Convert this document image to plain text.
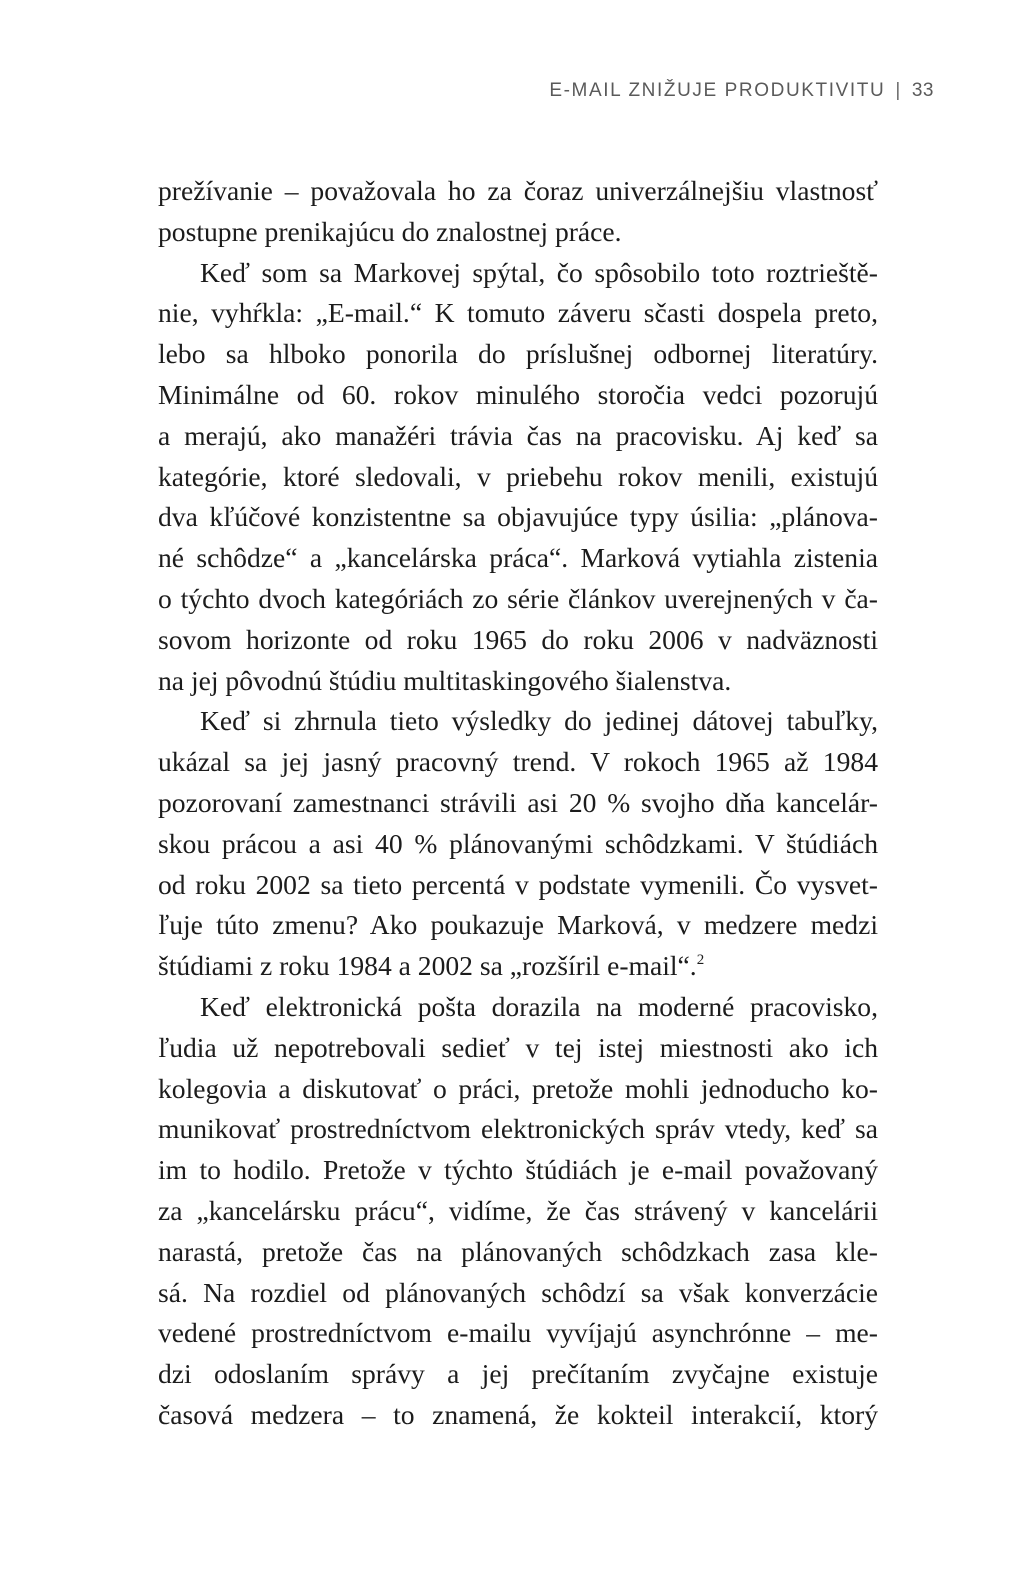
E-MAIL ZNIŽUJE PRODUKTIVITU | 33
prežívanie – považovala ho za čoraz univerzálnejšiu vlastnosť
postupne prenikajúcu do znalostnej práce.
Keď som sa Markovej spýtal, čo spôsobilo toto roztrieště-
nie, vyhŕkla: „E-mail.“ K tomuto záveru sčasti dospela preto,
lebo sa hlboko ponorila do príslušnej odbornej literatúry.
Minimálne od 60. rokov minulého storočia vedci pozorujú
a merajú, ako manažéri trávia čas na pracovisku. Aj keď sa
kategórie, ktoré sledovali, v priebehu rokov menili, existujú
dva kľúčové konzistentne sa objavujúce typy úsilia: „plánova-
né schôdze“ a „kancelárska práca“. Marková vytiahla zistenia
o týchto dvoch kategóriách zo série článkov uverejnených v ča-
sovom horizonte od roku 1965 do roku 2006 v nadväznosti
na jej pôvodnú štúdiu multitaskingového šialenstva.
Keď si zhrnula tieto výsledky do jedinej dátovej tabuľky,
ukázal sa jej jasný pracovný trend. V rokoch 1965 až 1984
pozorovaní zamestnanci strávili asi 20 % svojho dňa kancelár-
skou prácou a asi 40 % plánovanými schôdzkami. V štúdiách
od roku 2002 sa tieto percentá v podstate vymenili. Čo vysvet-
ľuje túto zmenu? Ako poukazuje Marková, v medzere medzi
štúdiami z roku 1984 a 2002 sa „rozšíril e-mail“.$^2$
Keď elektronická pošta dorazila na moderné pracovisko,
ľudia už nepotrebovali sedieť v tej istej miestnosti ako ich
kolegovia a diskutovať o práci, pretože mohli jednoducho ko-
munikovať prostredníctvom elektronických správ vtedy, keď sa
im to hodilo. Pretože v týchto štúdiách je e-mail považovaný
za „kancelársku prácu“, vidíme, že čas strávený v kancelárii
narastá, pretože čas na plánovaných schôdzkach zasa kle-
sá. Na rozdiel od plánovaných schôdzí sa však konverzácie
vedené prostredníctvom e-mailu vyvíjajú asynchrónne – me-
dzi odoslaním správy a jej prečítaním zvyčajne existuje
časová medzera – to znamená, že kokteil interakcií, ktorý
